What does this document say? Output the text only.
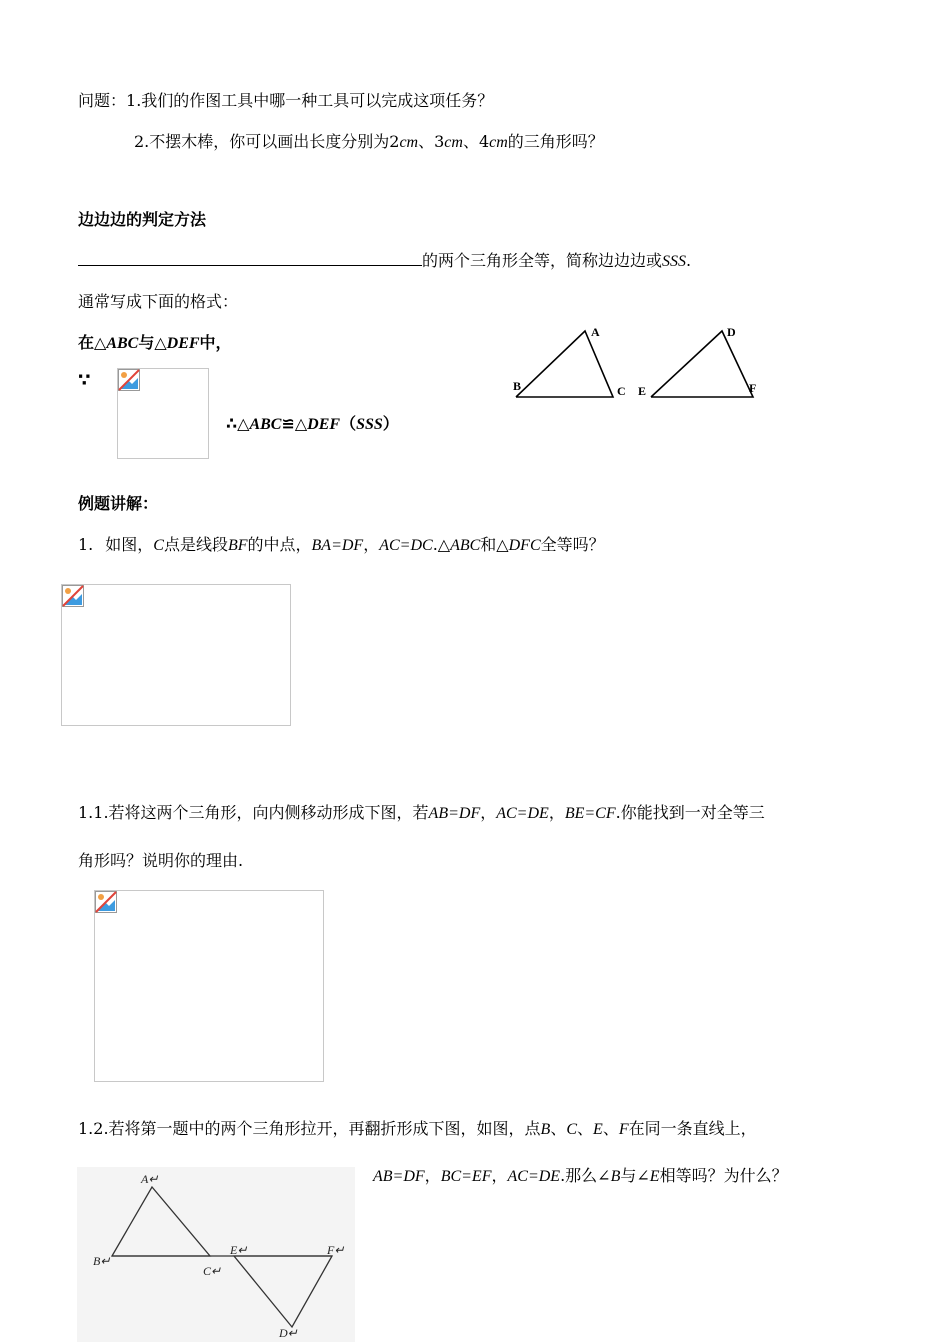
问题：1.我们的作图工具中哪一种工具可以完成这项任务？
2.不摆木棒，你可以画出长度分别为2cm、3cm、4cm的三角形吗？
边边边的判定方法
的两个三角形全等，简称边边边或SSS.
通常写成下面的格式：
在△ABC与△DEF中，
∵
∴△ABC≌△DEF（SSS）
A
B	C
D
E	F
例题讲解：
1. 如图，C点是线段BF的中点，BA=DF，AC=DC.△ABC和△DFC全等吗？
1.1.若将这两个三角形，向内侧移动形成下图，若AB=DF，AC=DE，BE=CF.你能找到一对全等三
角形吗？说明你的理由.
1.2.若将第一题中的两个三角形拉开，再翻折形成下图，如图，点B、C、E、F在同一条直线上，
AB=DF，BC=EF，AC=DE.那么∠B与∠E相等吗？为什么？
A↵
B↵
C↵
E↵	F↵
D↵
